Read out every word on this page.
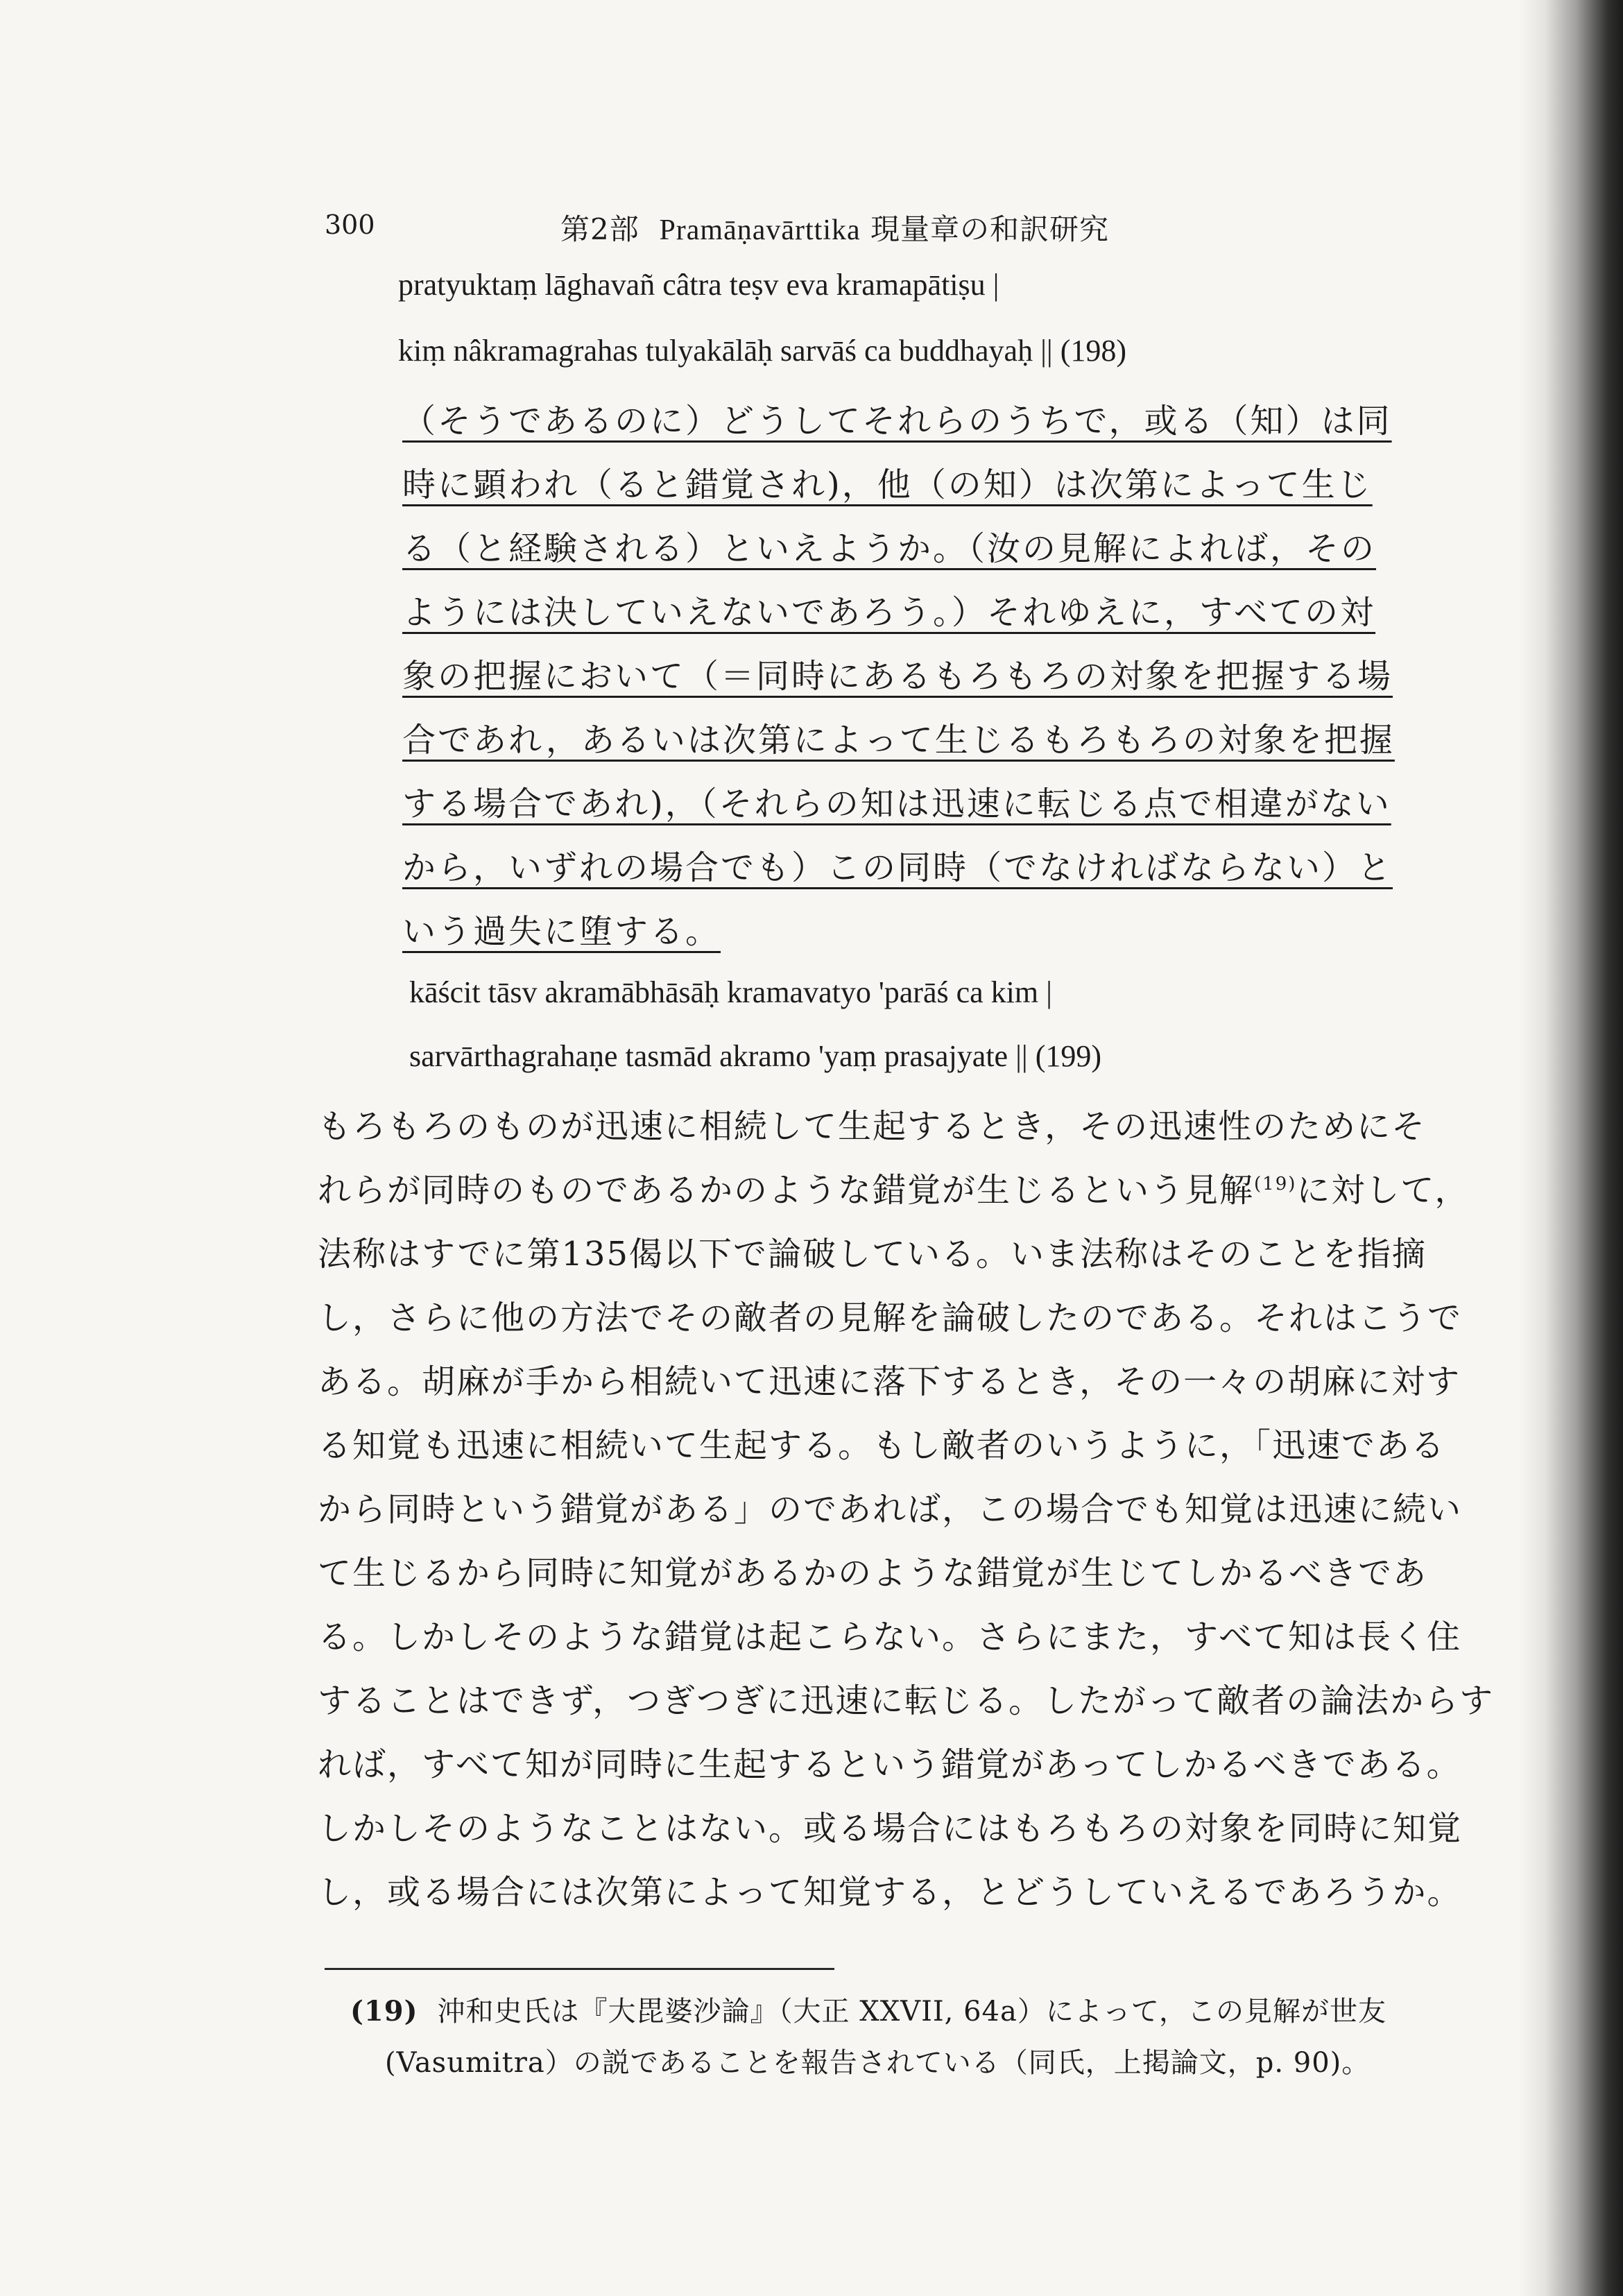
300	第2部 Pramāṇavārttika 現量章の和訳研究
pratyuktaṃ lāghavañ câtra teṣv eva kramapātiṣu |
kiṃ nâkramagrahas tulyakālāḥ sarvāś ca buddhayaḥ || (198)
（そうであるのに）どうしてそれらのうちで，或る（知）は同
時に顕われ（ると錯覚され)，他（の知）は次第によって生じ
る（と経験される）といえようか。（汝の見解によれば，その
ようには決していえないであろう。）それゆえに，すべての対
象の把握において（＝同時にあるもろもろの対象を把握する場
合であれ，あるいは次第によって生じるもろもろの対象を把握
する場合であれ)，（それらの知は迅速に転じる点で相違がない
から，いずれの場合でも）この同時（でなければならない）と
いう過失に堕する。
kāścit tāsv akramābhāsāḥ kramavatyo 'parāś ca kim |
sarvārthagrahaṇe tasmād akramo 'yaṃ prasajyate || (199)
もろもろのものが迅速に相続して生起するとき，その迅速性のためにそ
れらが同時のものであるかのような錯覚が生じるという見解$^{(19)}$に対して，
法称はすでに第135偈以下で論破している。いま法称はそのことを指摘
し，さらに他の方法でその敵者の見解を論破したのである。それはこうで
ある。胡麻が手から相続いて迅速に落下するとき，その一々の胡麻に対す
る知覚も迅速に相続いて生起する。もし敵者のいうように，「迅速である
から同時という錯覚がある」のであれば，この場合でも知覚は迅速に続い
て生じるから同時に知覚があるかのような錯覚が生じてしかるべきであ
る。しかしそのような錯覚は起こらない。さらにまた，すべて知は長く住
することはできず，つぎつぎに迅速に転じる。したがって敵者の論法からす
れば，すべて知が同時に生起するという錯覚があってしかるべきである。
しかしそのようなことはない。或る場合にはもろもろの対象を同時に知覚
し，或る場合には次第によって知覚する，とどうしていえるであろうか。
(19) 沖和史氏は『大毘婆沙論』（大正 XXVII, 64a）によって，この見解が世友
(Vasumitra）の説であることを報告されている（同氏，上掲論文，p. 90)。
